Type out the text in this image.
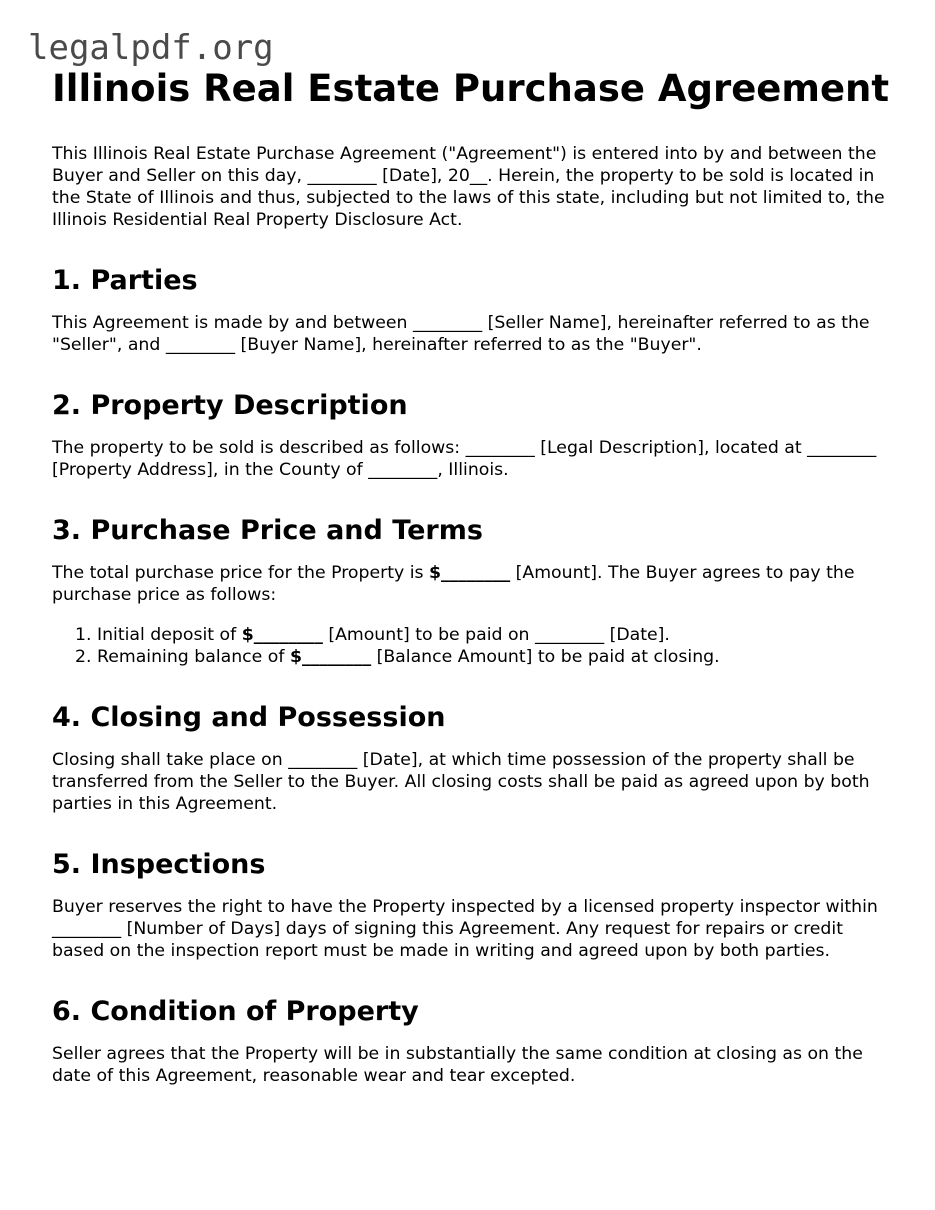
legalpdf.org
Illinois Real Estate Purchase Agreement

This Illinois Real Estate Purchase Agreement ("Agreement") is entered into by and between the Buyer and Seller on this day, ________ [Date], 20__. Herein, the property to be sold is located in the State of Illinois and thus, subjected to the laws of this state, including but not limited to, the Illinois Residential Real Property Disclosure Act.

1. Parties

This Agreement is made by and between ________ [Seller Name], hereinafter referred to as the "Seller", and ________ [Buyer Name], hereinafter referred to as the "Buyer".

2. Property Description

The property to be sold is described as follows: ________ [Legal Description], located at ________ [Property Address], in the County of ________, Illinois.

3. Purchase Price and Terms

The total purchase price for the Property is $________ [Amount]. The Buyer agrees to pay the purchase price as follows:

1. Initial deposit of $________ [Amount] to be paid on ________ [Date].
2. Remaining balance of $________ [Balance Amount] to be paid at closing.
4. Closing and Possession

Closing shall take place on ________ [Date], at which time possession of the property shall be transferred from the Seller to the Buyer. All closing costs shall be paid as agreed upon by both parties in this Agreement.

5. Inspections

Buyer reserves the right to have the Property inspected by a licensed property inspector within ________ [Number of Days] days of signing this Agreement. Any request for repairs or credit based on the inspection report must be made in writing and agreed upon by both parties.

6. Condition of Property

Seller agrees that the Property will be in substantially the same condition at closing as on the date of this Agreement, reasonable wear and tear excepted.
